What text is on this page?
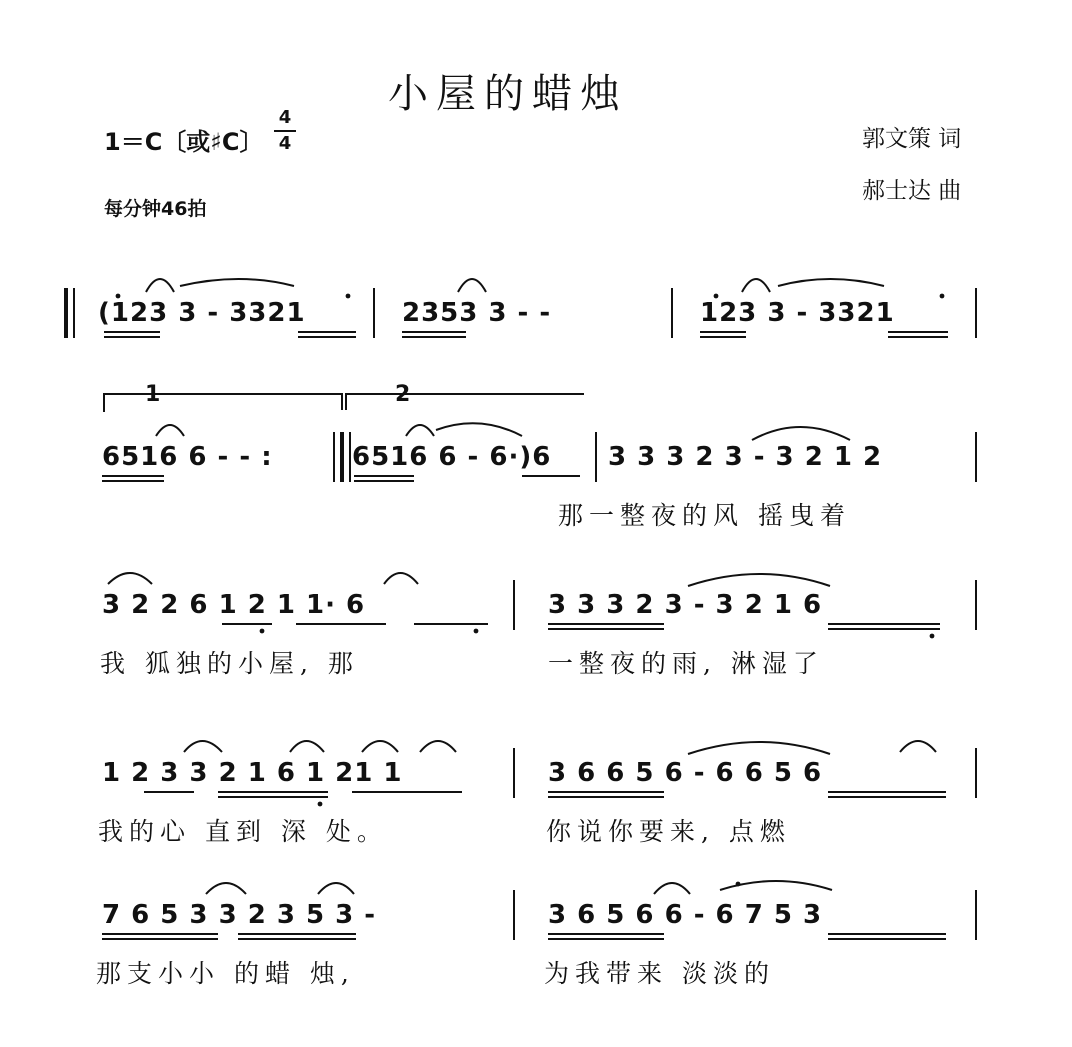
小屋的蜡烛
1＝C〔或♯C〕
4
4
每分钟46拍
郭文策 词
郝士达 曲
(123 3 - 3321	2353 3 - -	123 3 - 3321
1	2
6516 6 - - :	6516 6 - 6·)6 3 3 3 2 3 - 3 2 1 2
那一整夜的风 摇曳着
3 2 2 6 1 2 1 1· 6	3 3 3 2 3 - 3 2 1 6
我 狐独的小屋, 那	一整夜的雨, 淋湿了
1 2 3 3 2 1 6 1 21 1	3 6 6 5 6 - 6 6 5 6
我的心 直到 深 处。	你说你要来, 点燃
7 6 5 3 3 2 3 5 3 -	3 6 5 6 6 - 6 7 5 3
那支小小 的蜡 烛,	为我带来 淡淡的
